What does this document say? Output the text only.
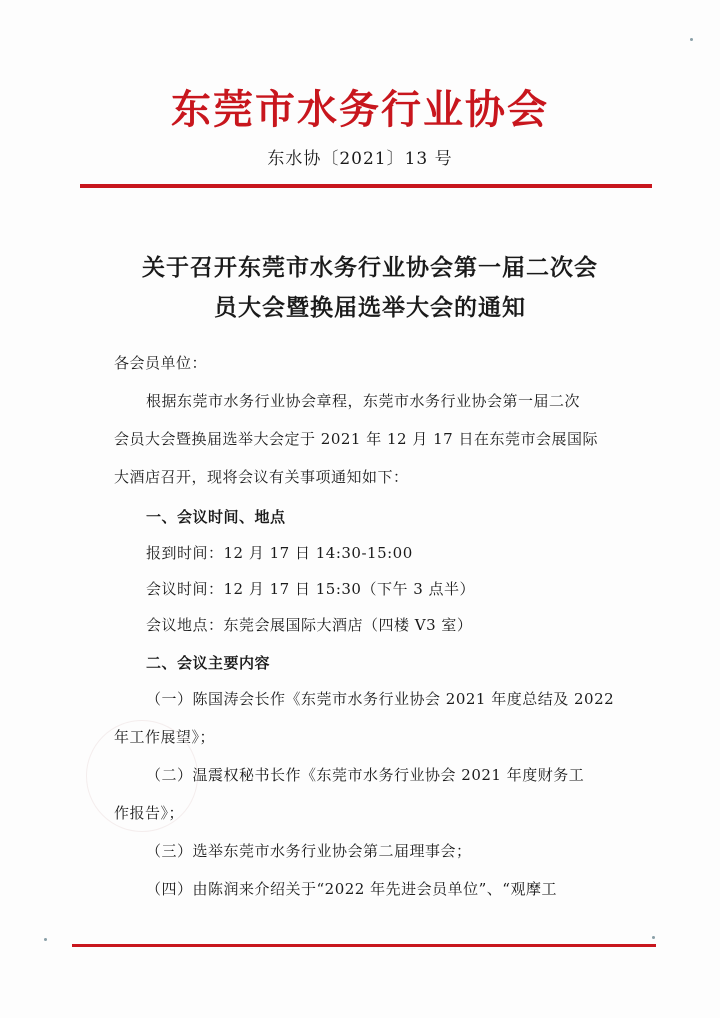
东莞市水务行业协会
东水协〔2021〕13 号
关于召开东莞市水务行业协会第一届二次会
员大会暨换届选举大会的通知
各会员单位：
根据东莞市水务行业协会章程，东莞市水务行业协会第一届二次
会员大会暨换届选举大会定于 2021 年 12 月 17 日在东莞市会展国际
大酒店召开，现将会议有关事项通知如下：
一、会议时间、地点
报到时间：12 月 17 日 14:30-15:00
会议时间：12 月 17 日 15:30（下午 3 点半）
会议地点：东莞会展国际大酒店（四楼 V3 室）
二、会议主要内容
（一）陈国涛会长作《东莞市水务行业协会 2021 年度总结及 2022
年工作展望》；
（二）温震权秘书长作《东莞市水务行业协会 2021 年度财务工
作报告》；
（三）选举东莞市水务行业协会第二届理事会；
（四）由陈润来介绍关于“2022 年先进会员单位”、“观摩工
